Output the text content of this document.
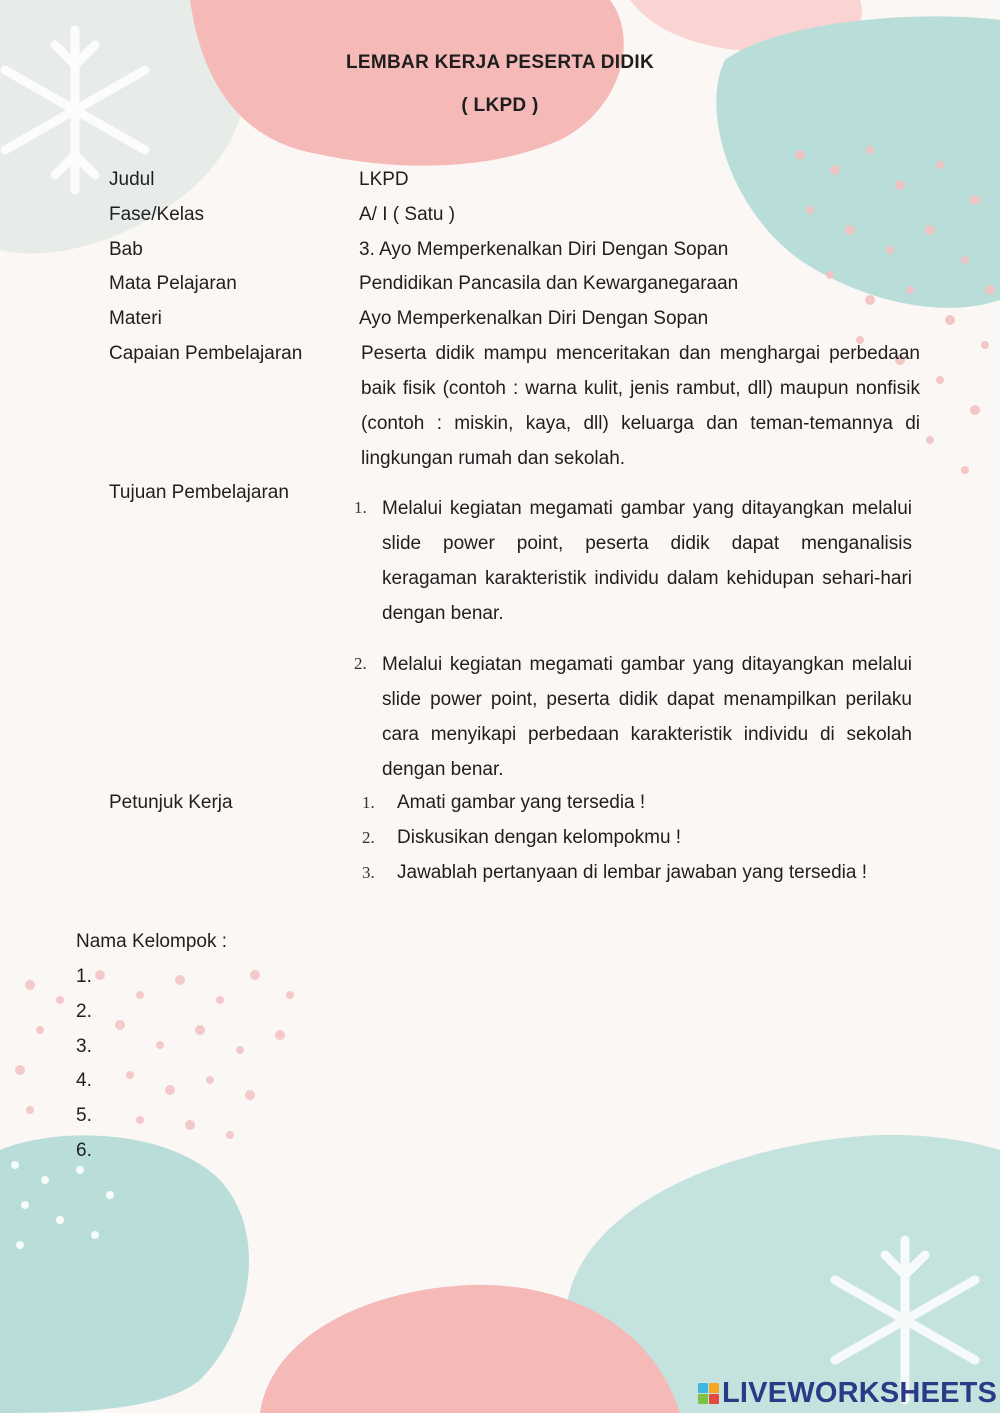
LEMBAR KERJA PESERTA DIDIK
( LKPD )
Judul	LKPD
Fase/Kelas	A/ I ( Satu )
Bab	3. Ayo Memperkenalkan Diri Dengan Sopan
Mata Pelajaran	Pendidikan Pancasila dan Kewarganegaraan
Materi	Ayo Memperkenalkan Diri Dengan Sopan
Capaian Pembelajaran	Peserta didik mampu menceritakan dan menghargai perbedaan baik fisik (contoh : warna kulit, jenis rambut, dll) maupun nonfisik (contoh : miskin, kaya, dll) keluarga dan teman-temannya di lingkungan rumah dan sekolah.
Tujuan Pembelajaran
1. Melalui kegiatan megamati gambar yang ditayangkan melalui slide power point, peserta didik dapat menganalisis keragaman karakteristik individu dalam kehidupan sehari-hari dengan benar.
2. Melalui kegiatan megamati gambar yang ditayangkan melalui slide power point, peserta didik dapat menampilkan perilaku cara menyikapi perbedaan karakteristik individu di sekolah dengan benar.
Petunjuk Kerja	1. Amati gambar yang tersedia !
2. Diskusikan dengan kelompokmu !
3. Jawablah pertanyaan di lembar jawaban yang tersedia !
Nama Kelompok :
1.
2.
3.
4.
5.
6.
LIVEWORKSHEETS
